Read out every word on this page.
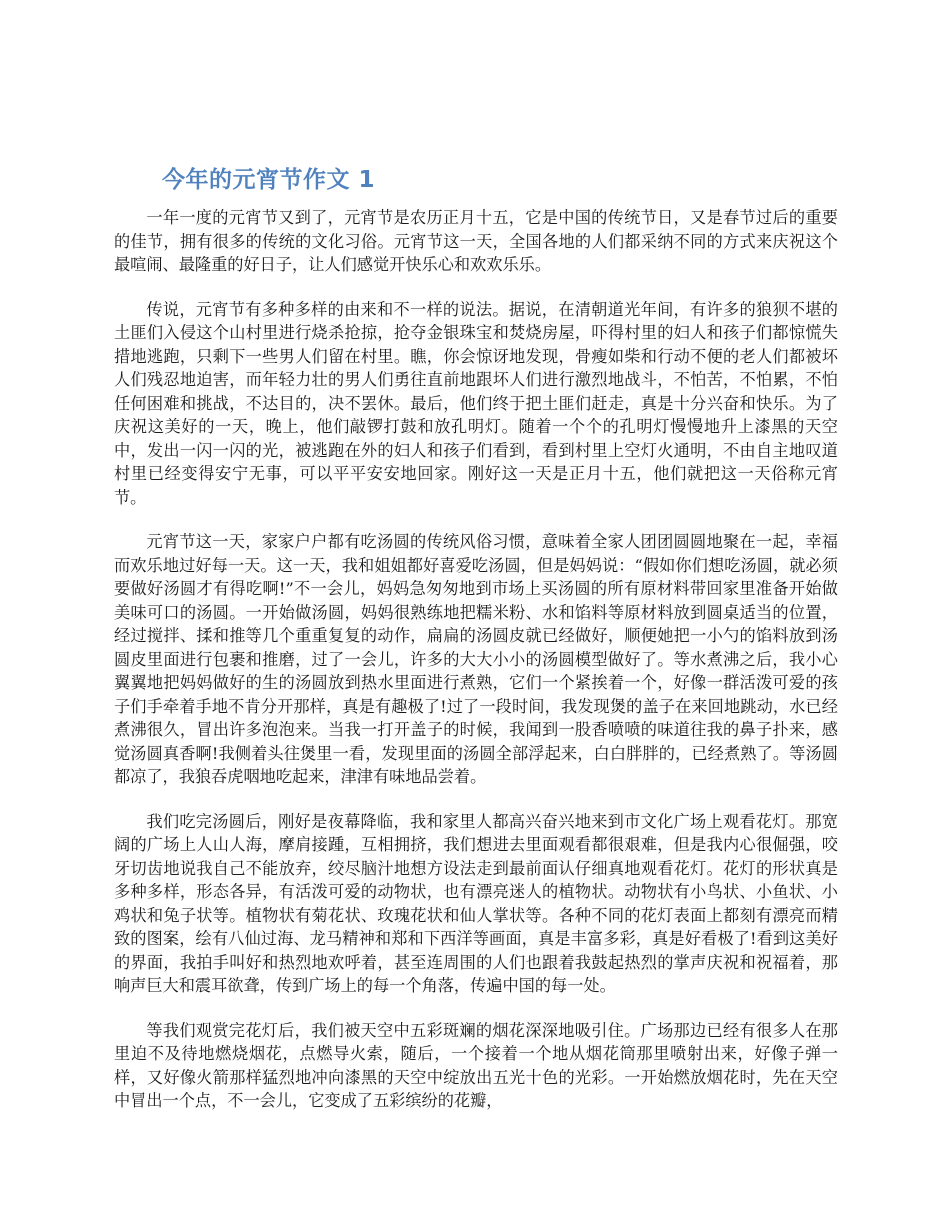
今年的元宵节作文 1

一年一度的元宵节又到了，元宵节是农历正月十五，它是中国的传统节日，又是春节过后的重要的佳节，拥有很多的传统的文化习俗。元宵节这一天，全国各地的人们都采纳不同的方式来庆祝这个最喧闹、最隆重的好日子，让人们感觉开快乐心和欢欢乐乐。

传说，元宵节有多种多样的由来和不一样的说法。据说，在清朝道光年间，有许多的狼狈不堪的土匪们入侵这个山村里进行烧杀抢掠，抢夺金银珠宝和焚烧房屋，吓得村里的妇人和孩子们都惊慌失措地逃跑，只剩下一些男人们留在村里。瞧，你会惊讶地发现，骨瘦如柴和行动不便的老人们都被坏人们残忍地迫害，而年轻力壮的男人们勇往直前地跟坏人们进行激烈地战斗，不怕苦，不怕累，不怕任何困难和挑战，不达目的，决不罢休。最后，他们终于把土匪们赶走，真是十分兴奋和快乐。为了庆祝这美好的一天，晚上，他们敲锣打鼓和放孔明灯。随着一个个的孔明灯慢慢地升上漆黑的天空中，发出一闪一闪的光，被逃跑在外的妇人和孩子们看到，看到村里上空灯火通明，不由自主地叹道村里已经变得安宁无事，可以平平安安地回家。刚好这一天是正月十五，他们就把这一天俗称元宵节。

元宵节这一天，家家户户都有吃汤圆的传统风俗习惯，意味着全家人团团圆圆地聚在一起，幸福而欢乐地过好每一天。这一天，我和姐姐都好喜爱吃汤圆，但是妈妈说：“假如你们想吃汤圆，就必须要做好汤圆才有得吃啊!”不一会儿，妈妈急匆匆地到市场上买汤圆的所有原材料带回家里准备开始做美味可口的汤圆。一开始做汤圆，妈妈很熟练地把糯米粉、水和馅料等原材料放到圆桌适当的位置，经过搅拌、揉和推等几个重重复复的动作，扁扁的汤圆皮就已经做好，顺便她把一小勺的馅料放到汤圆皮里面进行包裹和推磨，过了一会儿，许多的大大小小的汤圆模型做好了。等水煮沸之后，我小心翼翼地把妈妈做好的生的汤圆放到热水里面进行煮熟，它们一个紧挨着一个，好像一群活泼可爱的孩子们手牵着手地不肯分开那样，真是有趣极了!过了一段时间，我发现煲的盖子在来回地跳动，水已经煮沸很久，冒出许多泡泡来。当我一打开盖子的时候，我闻到一股香喷喷的味道往我的鼻子扑来，感觉汤圆真香啊!我侧着头往煲里一看，发现里面的汤圆全部浮起来，白白胖胖的，已经煮熟了。等汤圆都凉了，我狼吞虎咽地吃起来，津津有味地品尝着。

我们吃完汤圆后，刚好是夜幕降临，我和家里人都高兴奋兴地来到市文化广场上观看花灯。那宽阔的广场上人山人海，摩肩接踵，互相拥挤，我们想进去里面观看都很艰难，但是我内心很倔强，咬牙切齿地说我自己不能放弃，绞尽脑汁地想方设法走到最前面认仔细真地观看花灯。花灯的形状真是多种多样，形态各异，有活泼可爱的动物状，也有漂亮迷人的植物状。动物状有小鸟状、小鱼状、小鸡状和兔子状等。植物状有菊花状、玫瑰花状和仙人掌状等。各种不同的花灯表面上都刻有漂亮而精致的图案，绘有八仙过海、龙马精神和郑和下西洋等画面，真是丰富多彩，真是好看极了!看到这美好的界面，我拍手叫好和热烈地欢呼着，甚至连周围的人们也跟着我鼓起热烈的掌声庆祝和祝福着，那响声巨大和震耳欲聋，传到广场上的每一个角落，传遍中国的每一处。

等我们观赏完花灯后，我们被天空中五彩斑斓的烟花深深地吸引住。广场那边已经有很多人在那里迫不及待地燃烧烟花，点燃导火索，随后，一个接着一个地从烟花筒那里喷射出来，好像子弹一样，又好像火箭那样猛烈地冲向漆黑的天空中绽放出五光十色的光彩。一开始燃放烟花时，先在天空中冒出一个点，不一会儿，它变成了五彩缤纷的花瓣，
